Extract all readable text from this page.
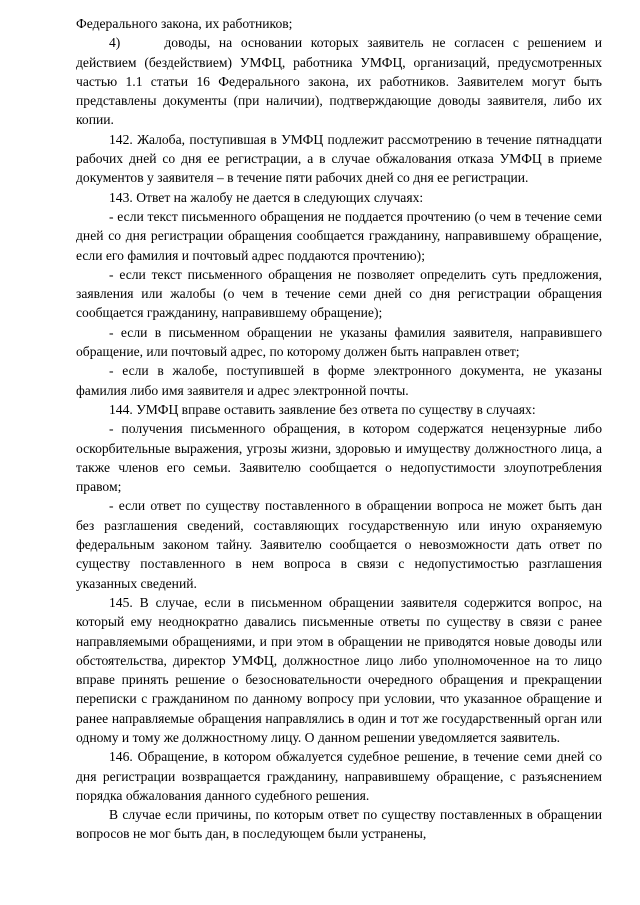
Федерального закона, их работников;

4)	доводы, на основании которых заявитель не согласен с решением и действием (бездействием) УМФЦ, работника УМФЦ, организаций, предусмотренных частью 1.1 статьи 16 Федерального закона, их работников. Заявителем могут быть представлены документы (при наличии), подтверждающие доводы заявителя, либо их копии.

142. Жалоба, поступившая в УМФЦ подлежит рассмотрению в течение пятнадцати рабочих дней со дня ее регистрации, а в случае обжалования отказа УМФЦ в приеме документов у заявителя – в течение пяти рабочих дней со дня ее регистрации.

143. Ответ на жалобу не дается в следующих случаях:

- если текст письменного обращения не поддается прочтению (о чем в течение семи дней со дня регистрации обращения сообщается гражданину, направившему обращение, если его фамилия и почтовый адрес поддаются прочтению);

- если текст письменного обращения не позволяет определить суть предложения, заявления или жалобы (о чем в течение семи дней со дня регистрации обращения сообщается гражданину, направившему обращение);

- если в письменном обращении не указаны фамилия заявителя, направившего обращение, или почтовый адрес, по которому должен быть направлен ответ;

- если в жалобе, поступившей в форме электронного документа, не указаны фамилия либо имя заявителя и адрес электронной почты.

144. УМФЦ вправе оставить заявление без ответа по существу в случаях:

- получения письменного обращения, в котором содержатся нецензурные либо оскорбительные выражения, угрозы жизни, здоровью и имуществу должностного лица, а также членов его семьи. Заявителю сообщается о недопустимости злоупотребления правом;

- если ответ по существу поставленного в обращении вопроса не может быть дан без разглашения сведений, составляющих государственную или иную охраняемую федеральным законом тайну. Заявителю сообщается о невозможности дать ответ по существу поставленного в нем вопроса в связи с недопустимостью разглашения указанных сведений.

145. В случае, если в письменном обращении заявителя содержится вопрос, на который ему неоднократно давались письменные ответы по существу в связи с ранее направляемыми обращениями, и при этом в обращении не приводятся новые доводы или обстоятельства, директор УМФЦ, должностное лицо либо уполномоченное на то лицо вправе принять решение о безосновательности очередного обращения и прекращении переписки с гражданином по данному вопросу при условии, что указанное обращение и ранее направляемые обращения направлялись в один и тот же государственный орган или одному и тому же должностному лицу. О данном решении уведомляется заявитель.

146. Обращение, в котором обжалуется судебное решение, в течение семи дней со дня регистрации возвращается гражданину, направившему обращение, с разъяснением порядка обжалования данного судебного решения.

В случае если причины, по которым ответ по существу поставленных в обращении вопросов не мог быть дан, в последующем были устранены,
